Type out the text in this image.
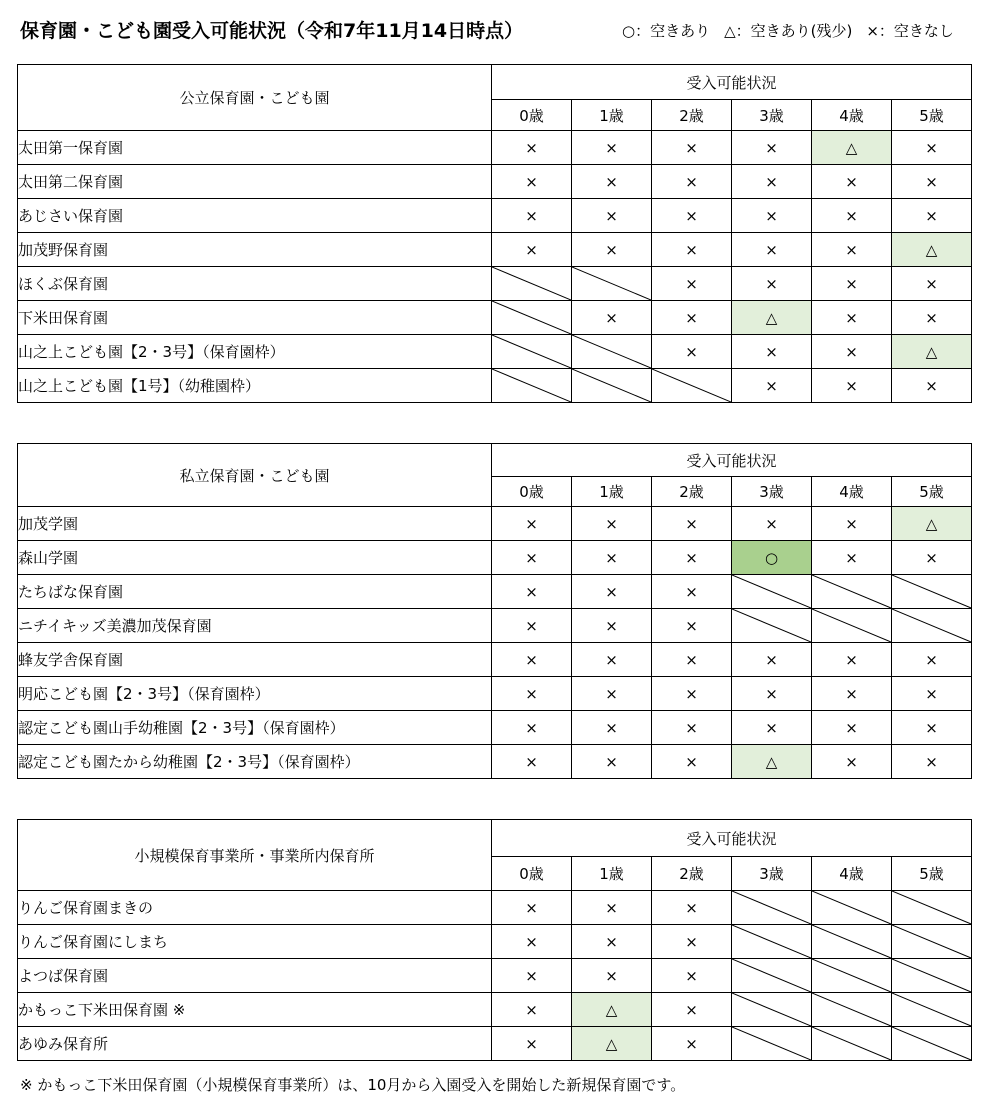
保育園・こども園受入可能状況（令和7年11月14日時点）	○：空きあり △：空きあり(残少) ×：空きなし
公立保育園・こども園	受入可能状況					
	0歳	1歳	2歳	3歳	4歳	5歳
太田第一保育園	×	×	×	×	△	×
太田第二保育園	×	×	×	×	×	×
あじさい保育園	×	×	×	×	×	×
加茂野保育園	×	×	×	×	×	△
ほくぶ保育園			×	×	×	×
下米田保育園		×	×	△	×	×
山之上こども園【2・3号】（保育園枠）			×	×	×	△
山之上こども園【1号】（幼稚園枠）				×	×	×
私立保育園・こども園	受入可能状況					
	0歳	1歳	2歳	3歳	4歳	5歳
加茂学園	×	×	×	×	×	△
森山学園	×	×	×	○	×	×
たちばな保育園	×	×	×	

ニチイキッズ美濃加茂保育園	×	×	×	

蜂友学舎保育園	×	×	×	×	×	×
明応こども園【2・3号】（保育園枠）	×	×	×	×	×	×
認定こども園山手幼稚園【2・3号】（保育園枠）	×	×	×	×	×	×
認定こども園たから幼稚園【2・3号】（保育園枠）	×	×	×	△	×	×
小規模保育事業所・事業所内保育所	受入可能状況					
	0歳	1歳	2歳	3歳	4歳	5歳
りんご保育園まきの	×	×	×	

りんご保育園にしまち	×	×	×	

よつば保育園	×	×	×	

かもっこ下米田保育園 ※	×	△	×	

あゆみ保育所	×	△	×	

※ かもっこ下米田保育園（小規模保育事業所）は、10月から入園受入を開始した新規保育園です。
